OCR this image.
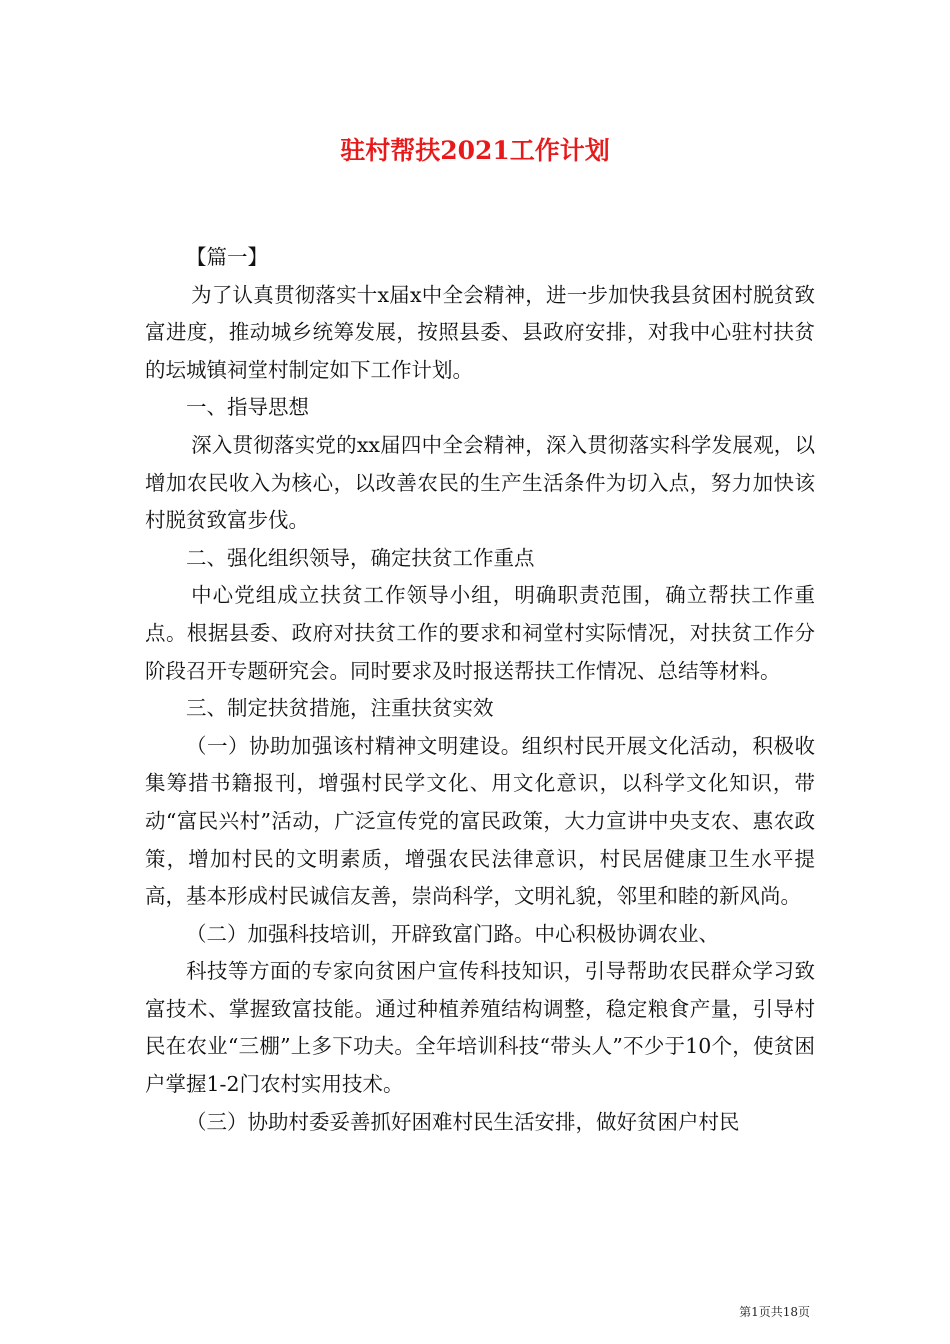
驻村帮扶2021工作计划

【篇一】

为了认真贯彻落实十x届x中全会精神，进一步加快我县贫困村脱贫致富进度，推动城乡统筹发展，按照县委、县政府安排，对我中心驻村扶贫的坛城镇祠堂村制定如下工作计划。

一、指导思想

深入贯彻落实党的xx届四中全会精神，深入贯彻落实科学发展观，以增加农民收入为核心，以改善农民的生产生活条件为切入点，努力加快该村脱贫致富步伐。

二、强化组织领导，确定扶贫工作重点

中心党组成立扶贫工作领导小组，明确职责范围，确立帮扶工作重点。根据县委、政府对扶贫工作的要求和祠堂村实际情况，对扶贫工作分阶段召开专题研究会。同时要求及时报送帮扶工作情况、总结等材料。

三、制定扶贫措施，注重扶贫实效

（一）协助加强该村精神文明建设。组织村民开展文化活动，积极收集筹措书籍报刊，增强村民学文化、用文化意识，以科学文化知识，带动“富民兴村”活动，广泛宣传党的富民政策，大力宣讲中央支农、惠农政策，增加村民的文明素质，增强农民法律意识，村民居健康卫生水平提高，基本形成村民诚信友善，崇尚科学，文明礼貌，邻里和睦的新风尚。

（二）加强科技培训，开辟致富门路。中心积极协调农业、

科技等方面的专家向贫困户宣传科技知识，引导帮助农民群众学习致富技术、掌握致富技能。通过种植养殖结构调整，稳定粮食产量，引导村民在农业“三棚”上多下功夫。全年培训科技“带头人”不少于10个，使贫困户掌握1-2门农村实用技术。

（三）协助村委妥善抓好困难村民生活安排，做好贫困户村民

第1页共18页
